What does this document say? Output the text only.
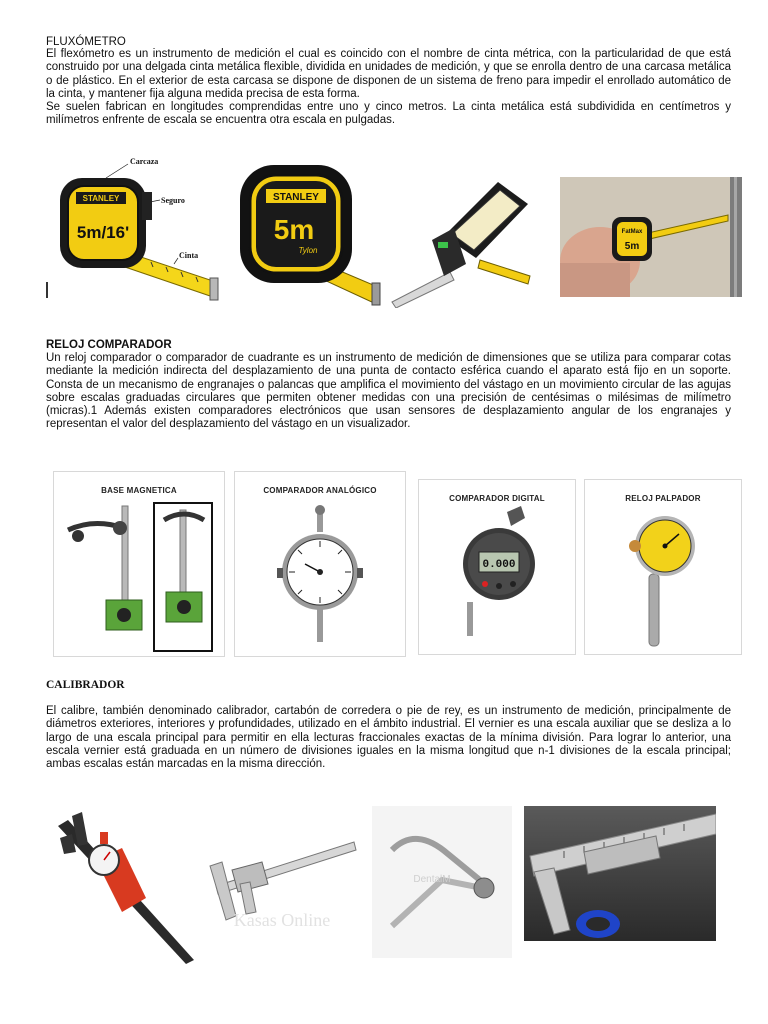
FLUXÓMETRO

El flexómetro es un instrumento de medición el cual es coincido con el nombre de cinta métrica, con la particularidad de que está construido por una delgada cinta metálica flexible, dividida en unidades de medición, y que se enrolla dentro de una carcasa metálica o de plástico. En el exterior de esta carcasa se dispone de disponen de un sistema de freno para impedir el enrollado automático de la cinta, y mantener fija alguna medida precisa de esta forma.

Se suelen fabrican en longitudes comprendidas entre uno y cinco metros. La cinta metálica está subdividida en centímetros y milímetros enfrente de escala se encuentra otra escala en pulgadas.

STANLEY
5m/16'
Carcaza
Seguro
Cinta
STANLEY
5m
Tylon
FatMax
5m
RELOJ COMPARADOR

Un reloj comparador o comparador de cuadrante es un instrumento de medición de dimensiones que se utiliza para comparar cotas mediante la medición indirecta del desplazamiento de una punta de contacto esférica cuando el aparato está fijo en un soporte. Consta de un mecanismo de engranajes o palancas que amplifica el movimiento del vástago en un movimiento circular de las agujas sobre escalas graduadas circulares que permiten obtener medidas con una precisión de centésimas o milésimas de milímetro (micras).1 Además existen comparadores electrónicos que usan sensores de desplazamiento angular de los engranajes y representan el valor del desplazamiento del vástago en un visualizador.

BASE MAGNETICA	COMPARADOR ANALÓGICO
COMPARADOR DIGITAL
0.000
RELOJ PALPADOR
CALIBRADOR

El calibre, también denominado calibrador, cartabón de corredera o pie de rey, es un instrumento de medición, principalmente de diámetros exteriores, interiores y profundidades, utilizado en el ámbito industrial. El vernier es una escala auxiliar que se desliza a lo largo de una escala principal para permitir en ella lecturas fraccionales exactas de la mínima división. Para lograr lo anterior, una escala vernier está graduada en un número de divisiones iguales en la misma longitud que n-1 divisiones de la escala principal; ambas escalas están marcadas en la misma dirección.

Kasas Online
DentalM
